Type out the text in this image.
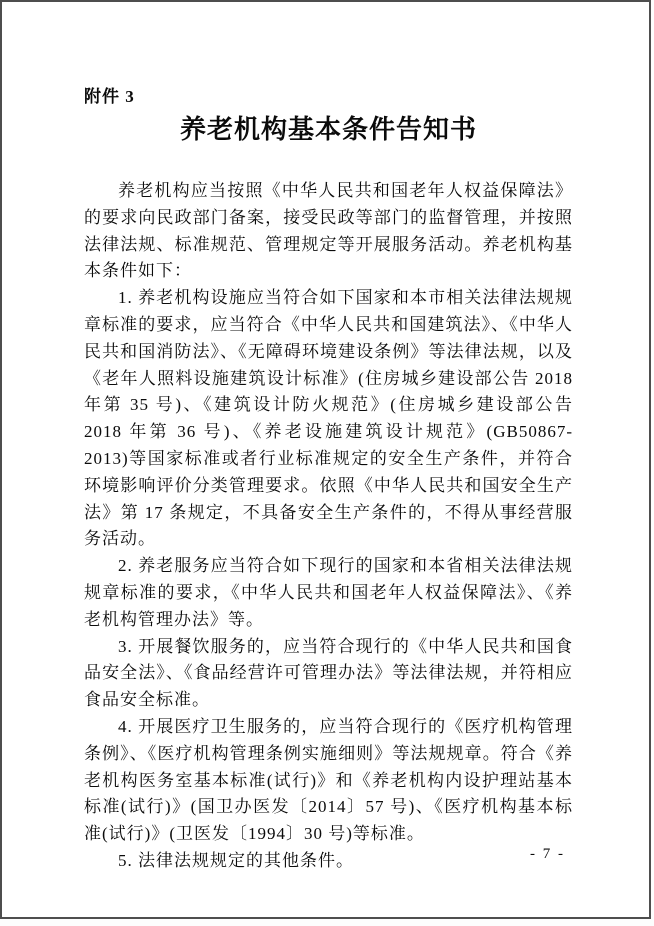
附件 3
养老机构基本条件告知书

养老机构应当按照《中华人民共和国老年人权益保障法》的要求向民政部门备案，接受民政等部门的监督管理，并按照法律法规、标准规范、管理规定等开展服务活动。养老机构基本条件如下：

1. 养老机构设施应当符合如下国家和本市相关法律法规规章标准的要求，应当符合《中华人民共和国建筑法》、《中华人民共和国消防法》、《无障碍环境建设条例》等法律法规，以及《老年人照料设施建筑设计标准》(住房城乡建设部公告 2018 年第 35 号)、《建筑设计防火规范》(住房城乡建设部公告 2018 年第 36 号)、《养老设施建筑设计规范》(GB50867-2013)等国家标准或者行业标准规定的安全生产条件，并符合环境影响评价分类管理要求。依照《中华人民共和国安全生产法》第 17 条规定，不具备安全生产条件的，不得从事经营服务活动。

2. 养老服务应当符合如下现行的国家和本省相关法律法规规章标准的要求，《中华人民共和国老年人权益保障法》、《养老机构管理办法》等。

3. 开展餐饮服务的，应当符合现行的《中华人民共和国食品安全法》、《食品经营许可管理办法》等法律法规，并符相应食品安全标准。

4. 开展医疗卫生服务的，应当符合现行的《医疗机构管理条例》、《医疗机构管理条例实施细则》等法规规章。符合《养老机构医务室基本标准(试行)》和《养老机构内设护理站基本标准(试行)》(国卫办医发〔2014〕57 号)、《医疗机构基本标准(试行)》(卫医发〔1994〕30 号)等标准。

5. 法律法规规定的其他条件。	- 7 -
